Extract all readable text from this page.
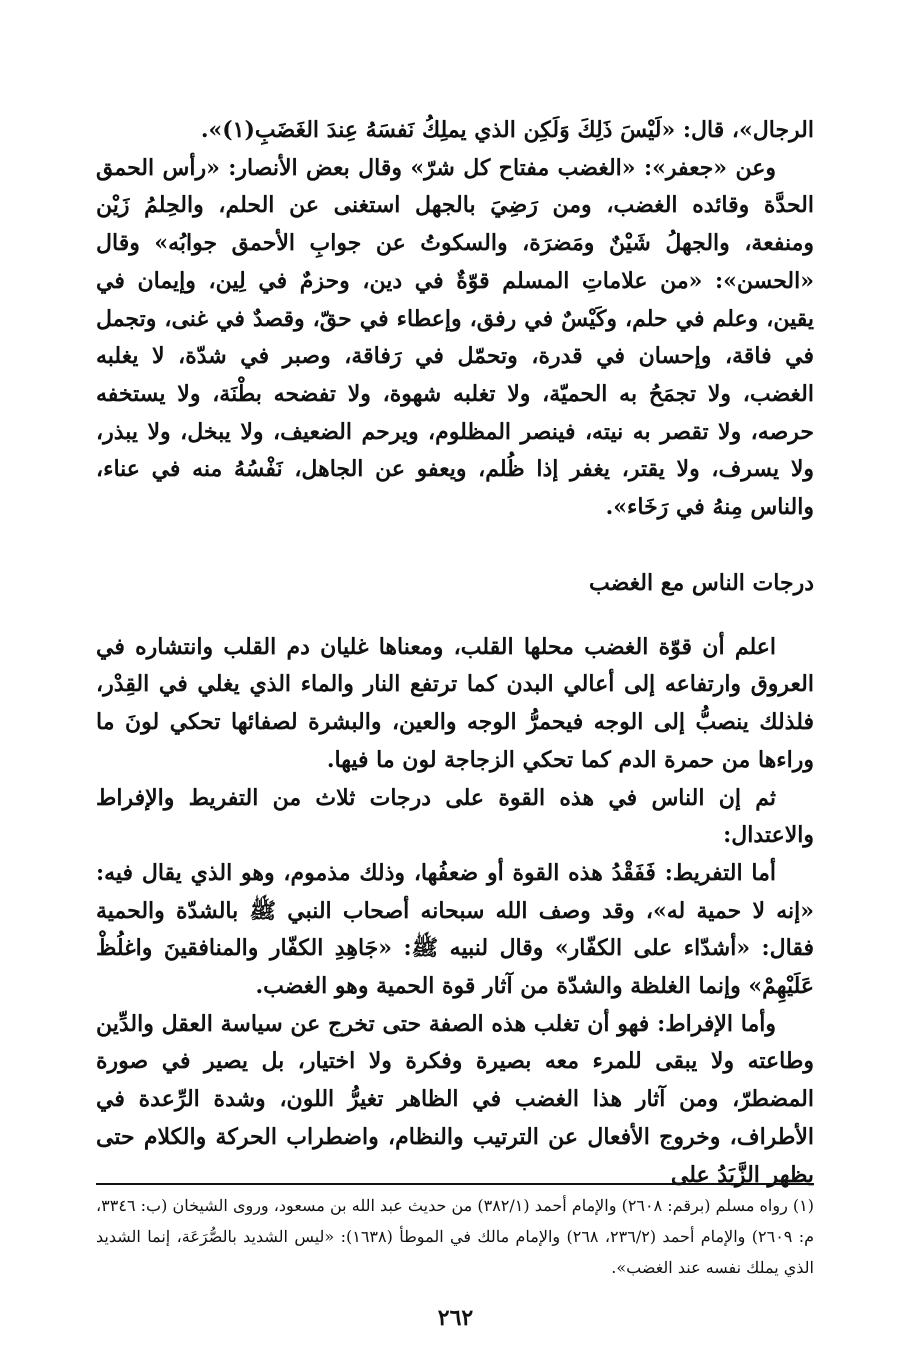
الرجال»، قال: «لَيْسَ ذَلِكَ وَلَكِن الذي يملِكُ نَفسَهُ عِندَ الغَضَبِ(١)».

وعن «جعفر»: «الغضب مفتاح كل شرّ» وقال بعض الأنصار: «رأس الحمق الحدَّة وقائده الغضب، ومن رَضِيَ بالجهل استغنى عن الحلم، والحِلمُ زَيْن ومنفعة، والجهلُ شَيْنٌ ومَضرَة، والسكوتُ عن جوابِ الأحمق جوابُه» وقال «الحسن»: «من علاماتِ المسلم قوّةٌ في دين، وحزمٌ في لِين، وإيمان في يقين، وعلم في حلم، وكَيْسٌ في رفق، وإعطاء في حقّ، وقصدٌ في غنى، وتجمل في فاقة، وإحسان في قدرة، وتحمّل في رَفاقة، وصبر في شدّة، لا يغلبه الغضب، ولا تجمَحُ به الحميّة، ولا تغلبه شهوة، ولا تفضحه بطْنَة، ولا يستخفه حرصه، ولا تقصر به نيته، فينصر المظلوم، ويرحم الضعيف، ولا يبخل، ولا يبذر، ولا يسرف، ولا يقتر، يغفر إذا ظُلم، ويعفو عن الجاهل، نَفْسُهُ منه في عناء، والناس مِنهُ في رَخَاء».

درجات الناس مع الغضب

اعلم أن قوّة الغضب محلها القلب، ومعناها غليان دم القلب وانتشاره في العروق وارتفاعه إلى أعالي البدن كما ترتفع النار والماء الذي يغلي في القِدْر، فلذلك ينصبُّ إلى الوجه فيحمرُّ الوجه والعين، والبشرة لصفائها تحكي لونَ ما وراءها من حمرة الدم كما تحكي الزجاجة لون ما فيها.

ثم إن الناس في هذه القوة على درجات ثلاث من التفريط والإفراط والاعتدال:

أما التفريط: فَفَقْدُ هذه القوة أو ضعفُها، وذلك مذموم، وهو الذي يقال فيه: «إنه لا حمية له»، وقد وصف الله سبحانه أصحاب النبي ﷺ بالشدّة والحمية فقال: «أشدّاء على الكفّار» وقال لنبيه ﷺ: «جَاهِدِ الكفّار والمنافقينَ واغلُظْ عَلَيْهِمْ» وإنما الغلظة والشدّة من آثار قوة الحمية وهو الغضب.

وأما الإفراط: فهو أن تغلب هذه الصفة حتى تخرج عن سياسة العقل والدِّين وطاعته ولا يبقى للمرء معه بصيرة وفكرة ولا اختيار، بل يصير في صورة المضطرّ، ومن آثار هذا الغضب في الظاهر تغيرُّ اللون، وشدة الرِّعدة في الأطراف، وخروج الأفعال عن الترتيب والنظام، واضطراب الحركة والكلام حتى يظهر الزَّبَدُ على

(١) رواه مسلم (برقم: ٢٦٠٨) والإمام أحمد (٣٨٢/١) من حديث عبد الله بن مسعود، وروى الشيخان (ب: ٣٣٤٦، م: ٢٦٠٩) والإمام أحمد (٢٣٦/٢، ٢٦٨) والإمام مالك في الموطأ (١٦٣٨): «ليس الشديد بالصُّرَعَة، إنما الشديد الذي يملك نفسه عند الغضب».

٢٦٢
